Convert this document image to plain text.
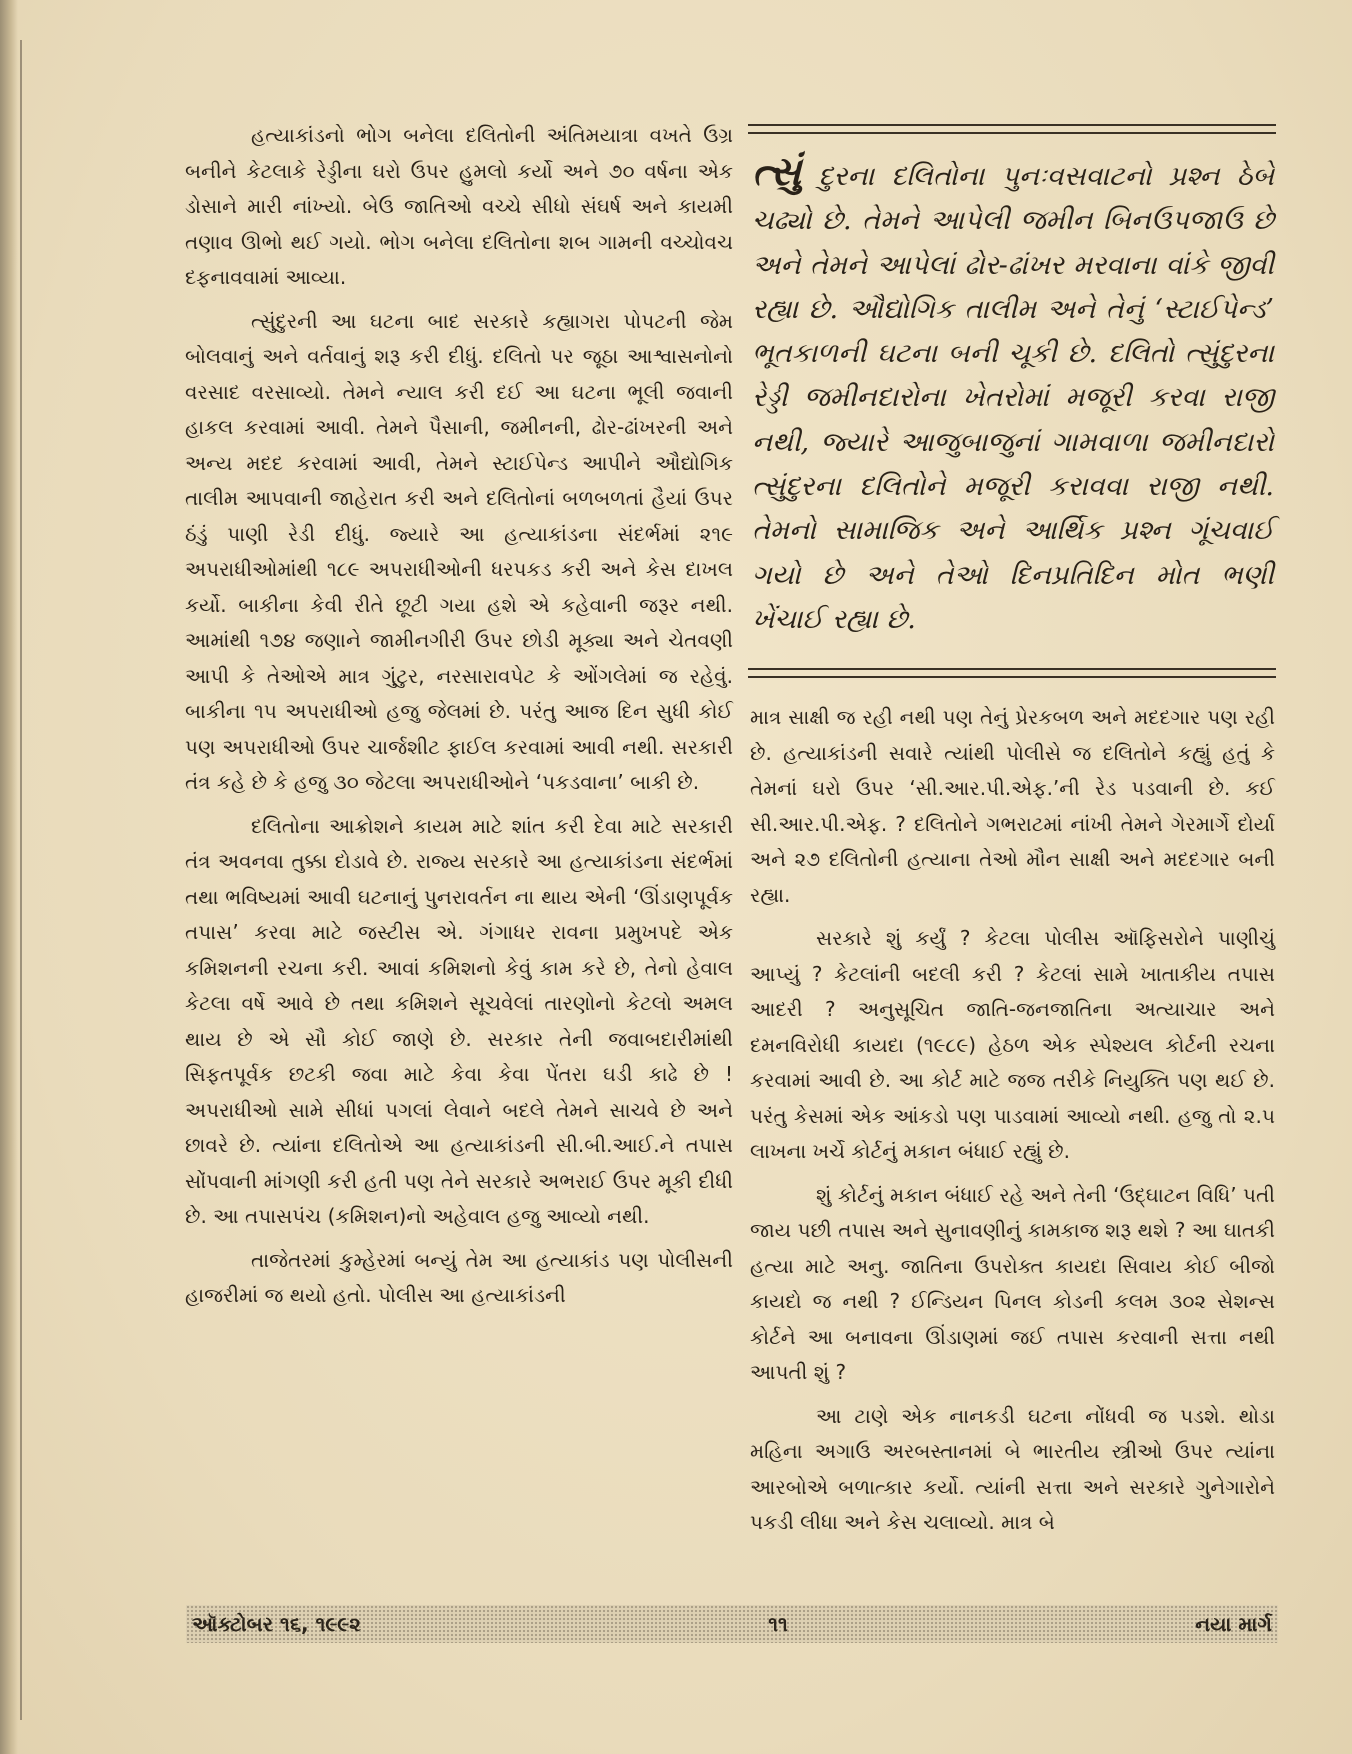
હત્યાકાંડનો ભોગ બનેલા દલિતોની અંતિમયાત્રા વખતે ઉગ્ર બનીને કેટલાકે રેડ્ડીના ઘરો ઉપર હુમલો કર્યો અને ૭૦ વર્ષના એક ડોસાને મારી નાંખ્યો. બેઉ જાતિઓ વચ્ચે સીધો સંઘર્ષ અને કાયમી તણાવ ઊભો થઈ ગયો. ભોગ બનેલા દલિતોના શબ ગામની વચ્ચોવચ દફનાવવામાં આવ્યા.

ત્સુંદુરની આ ઘટના બાદ સરકારે કહ્યાગરા પોપટની જેમ બોલવાનું અને વર્તવાનું શરૂ કરી દીધું. દલિતો પર જૂઠા આશ્વાસનોનો વરસાદ વરસાવ્યો. તેમને ન્યાલ કરી દઈ આ ઘટના ભૂલી જવાની હાકલ કરવામાં આવી. તેમને પૈસાની, જમીનની, ઢોર-ઢાંખરની અને અન્ય મદદ કરવામાં આવી, તેમને સ્ટાઈપેન્ડ આપીને ઔદ્યોગિક તાલીમ આપવાની જાહેરાત કરી અને દલિતોનાં બળબળતાં હૈયાં ઉપર ઠંડું પાણી રેડી દીધું. જ્યારે આ હત્યાકાંડના સંદર્ભમાં ૨૧૯ અપરાધીઓમાંથી ૧૮૯ અપરાધીઓની ધરપકડ કરી અને કેસ દાખલ કર્યો. બાકીના કેવી રીતે છૂટી ગયા હશે એ કહેવાની જરૂર નથી. આમાંથી ૧૭૪ જણાને જામીનગીરી ઉપર છોડી મૂક્યા અને ચેતવણી આપી કે તેઓએ માત્ર ગુંટુર, નરસારાવપેટ કે ઓંગલેમાં જ રહેવું. બાકીના ૧૫ અપરાધીઓ હજુ જેલમાં છે. પરંતુ આજ દિન સુધી કોઈ પણ અપરાધીઓ ઉપર ચાર્જશીટ ફાઈલ કરવામાં આવી નથી. સરકારી તંત્ર કહે છે કે હજુ ૩૦ જેટલા અપરાધીઓને ‘પકડવાના’ બાકી છે.

દલિતોના આક્રોશને કાયમ માટે શાંત કરી દેવા માટે સરકારી તંત્ર અવનવા તુક્કા દોડાવે છે. રાજ્ય સરકારે આ હત્યાકાંડના સંદર્ભમાં તથા ભવિષ્યમાં આવી ઘટનાનું પુનરાવર્તન ના થાય એની ‘ઊંડાણપૂર્વક તપાસ’ કરવા માટે જસ્ટીસ એ. ગંગાધર રાવના પ્રમુખપદે એક કમિશનની રચના કરી. આવાં કમિશનો કેવું કામ કરે છે, તેનો હેવાલ કેટલા વર્ષે આવે છે તથા કમિશને સૂચવેલાં તારણોનો કેટલો અમલ થાય છે એ સૌ કોઈ જાણે છે. સરકાર તેની જવાબદારીમાંથી સિફતપૂર્વક છટકી જવા માટે કેવા કેવા પેંતરા ઘડી કાઢે છે ! અપરાધીઓ સામે સીધાં પગલાં લેવાને બદલે તેમને સાચવે છે અને છાવરે છે. ત્યાંના દલિતોએ આ હત્યાકાંડની સી.બી.આઈ.ને તપાસ સોંપવાની માંગણી કરી હતી પણ તેને સરકારે અભરાઈ ઉપર મૂકી દીધી છે. આ તપાસપંચ (કમિશન)નો અહેવાલ હજુ આવ્યો નથી.

તાજેતરમાં કુમ્હેરમાં બન્યું તેમ આ હત્યાકાંડ પણ પોલીસની હાજરીમાં જ થયો હતો. પોલીસ આ હત્યાકાંડની

ત્સું દુરના દલિતોના પુનઃવસવાટનો પ્રશ્ન ઠેબે ચઢ્યો છે. તેમને આપેલી જમીન બિનઉપજાઉ છે અને તેમને આપેલાં ઢોર-ઢાંખર મરવાના વાંકે જીવી રહ્યા છે. ઔદ્યોગિક તાલીમ અને તેનું ‘સ્ટાઈપેન્ડ’ ભૂતકાળની ઘટના બની ચૂકી છે. દલિતો ત્સુંદુરના રેડ્ડી જમીનદારોના ખેતરોમાં મજૂરી કરવા રાજી નથી, જ્યારે આજુબાજુનાં ગામવાળા જમીનદારો ત્સુંદુરના દલિતોને મજૂરી કરાવવા રાજી નથી. તેમનો સામાજિક અને આર્થિક પ્રશ્ન ગૂંચવાઈ ગયો છે અને તેઓ દિનપ્રતિદિન મોત ભણી ખેંચાઈ રહ્યા છે.

માત્ર સાક્ષી જ રહી નથી પણ તેનું પ્રેરકબળ અને મદદગાર પણ રહી છે. હત્યાકાંડની સવારે ત્યાંથી પોલીસે જ દલિતોને કહ્યું હતું કે તેમનાં ઘરો ઉપર ‘સી.આર.પી.એફ.’ની રેડ પડવાની છે. કઈ સી.આર.પી.એફ. ? દલિતોને ગભરાટમાં નાંખી તેમને ગેરમાર્ગે દોર્યા અને ૨૭ દલિતોની હત્યાના તેઓ મૌન સાક્ષી અને મદદગાર બની રહ્યા.

સરકારે શું કર્યું ? કેટલા પોલીસ ઑફિસરોને પાણીચું આપ્યું ? કેટલાંની બદલી કરી ? કેટલાં સામે ખાતાકીય તપાસ આદરી ? અનુસૂચિત જાતિ-જનજાતિના અત્યાચાર અને દમનવિરોધી કાયદા (૧૯૮૯) હેઠળ એક સ્પેશ્યલ કોર્ટની રચના કરવામાં આવી છે. આ કોર્ટ માટે જજ તરીકે નિયુક્તિ પણ થઈ છે. પરંતુ કેસમાં એક આંકડો પણ પાડવામાં આવ્યો નથી. હજુ તો ૨.૫ લાખના ખર્ચે કોર્ટનું મકાન બંધાઈ રહ્યું છે.

શું કોર્ટનું મકાન બંધાઈ રહે અને તેની ‘ઉદ્ઘાટન વિધિ’ પતી જાય પછી તપાસ અને સુનાવણીનું કામકાજ શરૂ થશે ? આ ઘાતકી હત્યા માટે અનુ. જાતિના ઉપરોક્ત કાયદા સિવાય કોઈ બીજો કાયદો જ નથી ? ઈન્ડિયન પિનલ કોડની કલમ ૩૦૨ સેશન્સ કોર્ટને આ બનાવના ઊંડાણમાં જઈ તપાસ કરવાની સત્તા નથી આપતી શું ?

આ ટાણે એક નાનકડી ઘટના નોંધવી જ પડશે. થોડા મહિના અગાઉ અરબસ્તાનમાં બે ભારતીય સ્ત્રીઓ ઉપર ત્યાંના આરબોએ બળાત્કાર કર્યો. ત્યાંની સત્તા અને સરકારે ગુનેગારોને પકડી લીધા અને કેસ ચલાવ્યો. માત્ર બે

ઑક્ટોબર ૧૬, ૧૯૯૨	૧૧	નયા માર્ગ
